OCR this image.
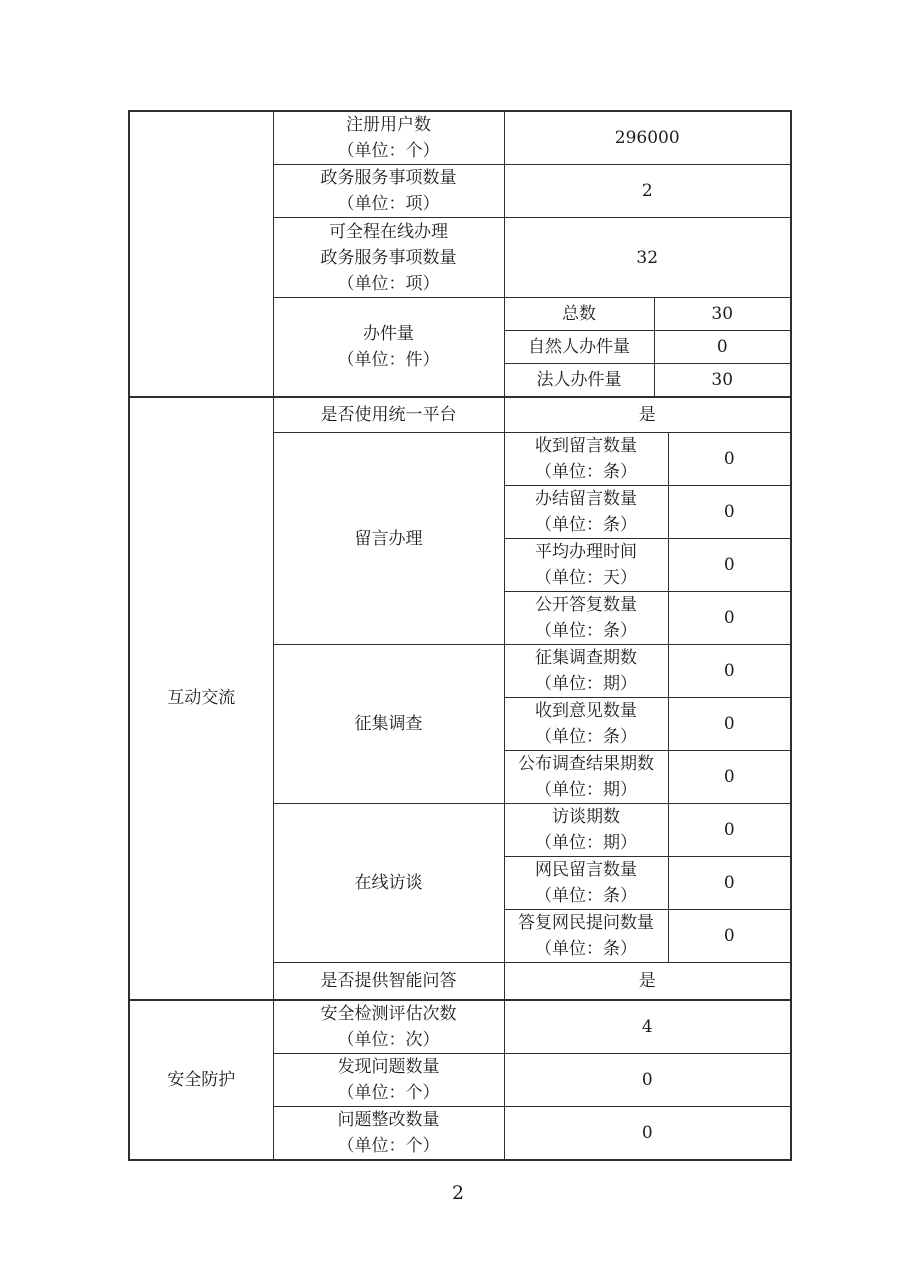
	注册用户数
（单位：个）	296000		

	政务服务事项数量
（单位：项）	2		

	可全程在线办理
政务服务事项数量
（单位：项）	32		

	办件量
（单位：件）	总数	30	
		自然人办件量	0	
		法人办件量	30	
互动交流	是否使用统一平台	是		
	留言办理	收到留言数量
（单位：条）		0

		办结留言数量
（单位：条）		0

		平均办理时间
（单位：天）		0

		公开答复数量
（单位：条）		0
	征集调查	征集调查期数
（单位：期）		0

		收到意见数量
（单位：条）		0

		公布调查结果期数
（单位：期）		0
	在线访谈	访谈期数
（单位：期）		0

		网民留言数量
（单位：条）		0

		答复网民提问数量
（单位：条）		0
	是否提供智能问答	是		
安全防护	安全检测评估次数
（单位：次）	4		

	发现问题数量
（单位：个）	0		

	问题整改数量
（单位：个）	0		
2
